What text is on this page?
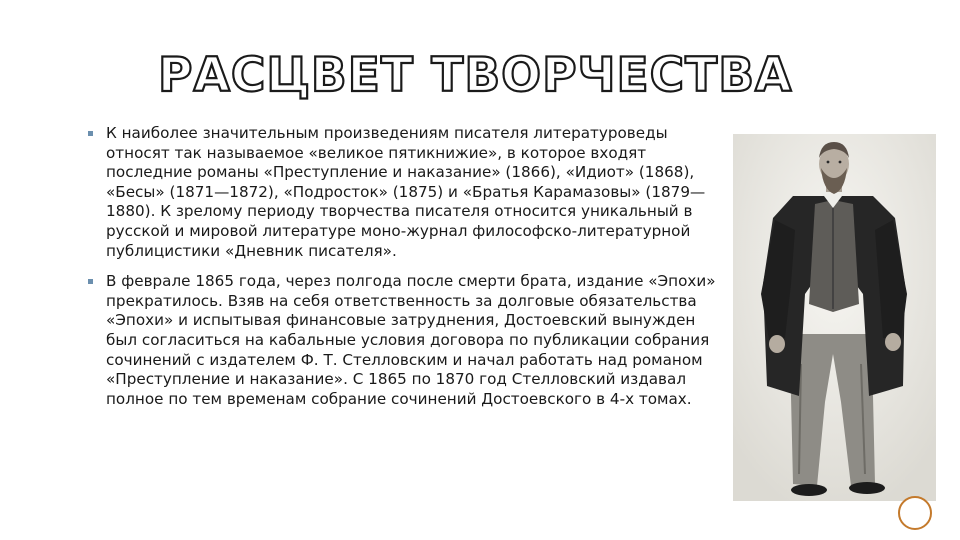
РАСЦВЕТ ТВОРЧЕСТВА

К наиболее значительным произведениям писателя литературоведы относят так называемое «великое пятикнижие», в которое входят последние романы «Преступление и наказание» (1866), «Идиот» (1868), «Бесы» (1871—1872), «Подросток» (1875) и «Братья Карамазовы» (1879—1880). К зрелому периоду творчества писателя относится уникальный в русской и мировой литературе моно-журнал философско-литературной публицистики «Дневник писателя».

В феврале 1865 года, через полгода после смерти брата, издание «Эпохи» прекратилось. Взяв на себя ответственность за долговые обязательства «Эпохи» и испытывая финансовые затруднения, Достоевский вынужден был согласиться на кабальные условия договора по публикации собрания сочинений с издателем Ф. Т. Стелловским и начал работать над романом «Преступление и наказание». С 1865 по 1870 год Стелловский издавал полное по тем временам собрание сочинений Достоевского в 4-х томах.
